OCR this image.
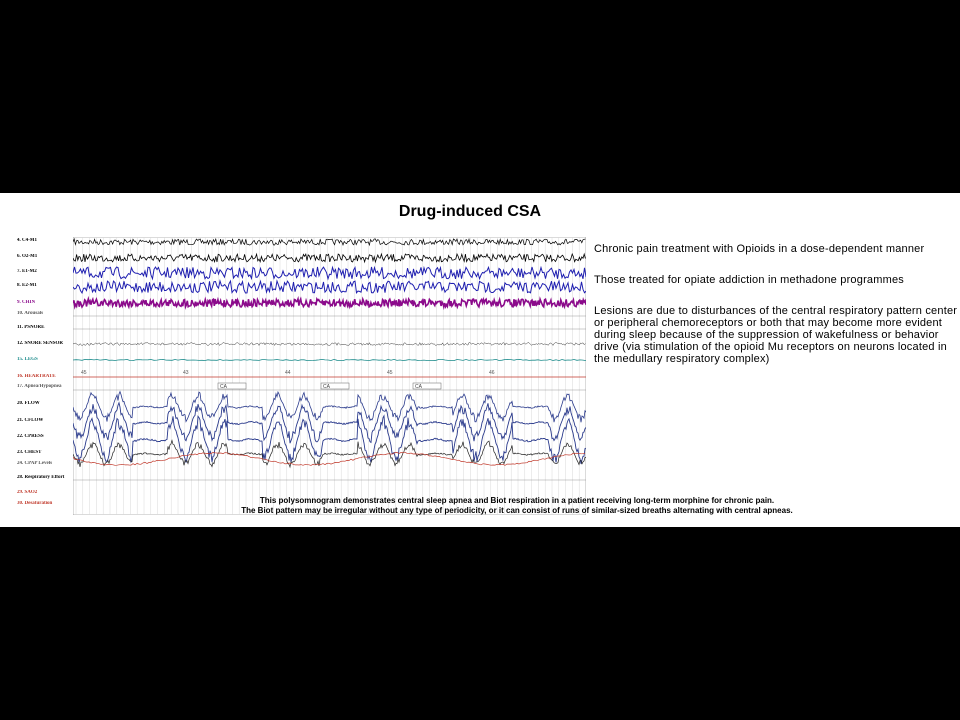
Drug-induced CSA
4. C4-M1
6. O2-M1
7. E1-M2
8. E2-M1
9. CHIN
10. Arousals
11. PSNORE
12. SNORE SENSOR
15. LEGS
16. HEARTRATE
17. Apnea/Hypopnea
20. FLOW
21. CFLOW
22. CPRESS
23. CHEST
24. CPAP Levels
28. Respiratory Effort
29. SAO2
30. Desaturation
45	43	44	45	46
CA	CA	CA

Chronic pain treatment with Opioids in a dose-dependent manner

Those treated for opiate addiction in methadone programmes

Lesions are due to disturbances of the central respiratory pattern center or peripheral chemoreceptors or both that may become more evident during sleep because of the suppression of wakefulness or behavior drive (via stimulation of the opioid Mu receptors on neurons located in the medullary respiratory complex)

This polysomnogram demonstrates central sleep apnea and Biot respiration in a patient receiving long-term morphine for chronic pain.
The Biot pattern may be irregular without any type of periodicity, or it can consist of runs of similar-sized breaths alternating with central apneas.
